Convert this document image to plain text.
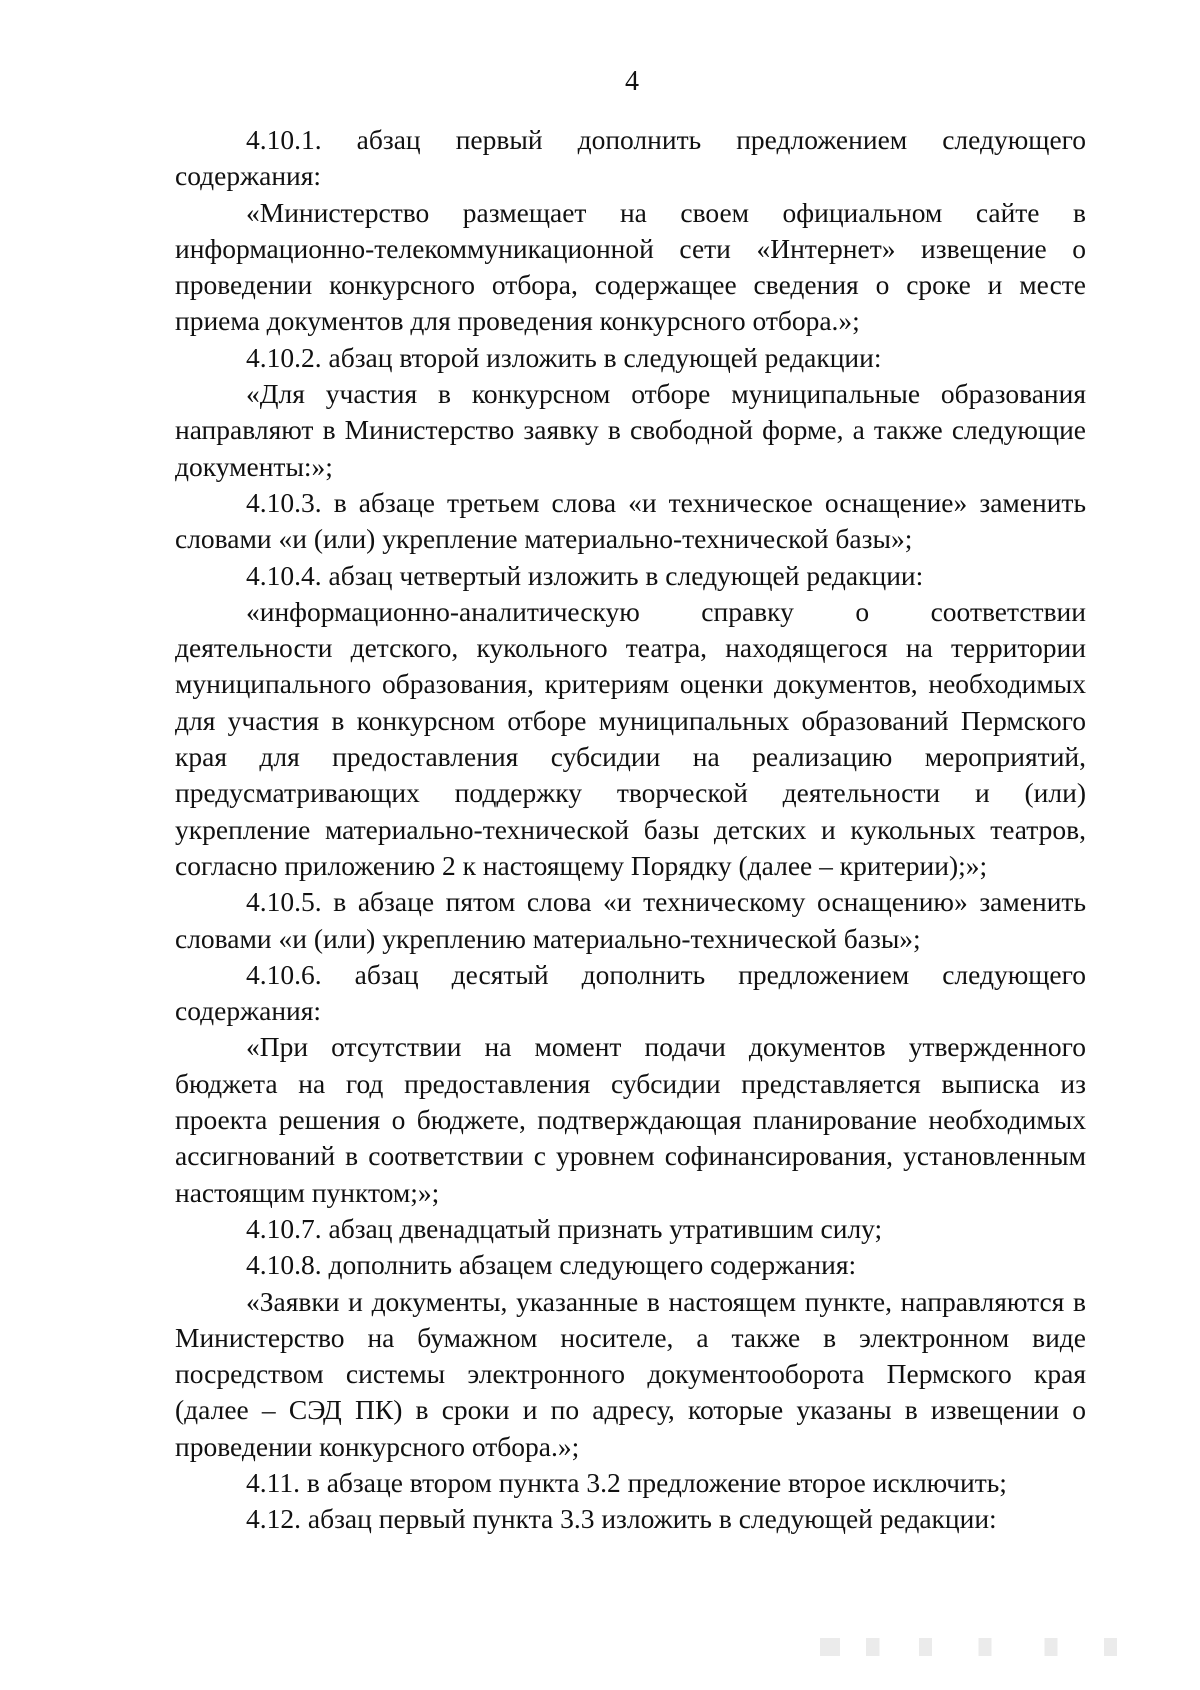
4

4.10.1. абзац первый дополнить предложением следующего содержания:

«Министерство размещает на своем официальном сайте в информационно-телекоммуникационной сети «Интернет» извещение о проведении конкурсного отбора, содержащее сведения о сроке и месте приема документов для проведения конкурсного отбора.»;

4.10.2. абзац второй изложить в следующей редакции:

«Для участия в конкурсном отборе муниципальные образования направляют в Министерство заявку в свободной форме, а также следующие документы:»;

4.10.3. в абзаце третьем слова «и техническое оснащение» заменить словами «и (или) укрепление материально-технической базы»;

4.10.4. абзац четвертый изложить в следующей редакции:

«информационно-аналитическую справку о соответствии деятельности детского, кукольного театра, находящегося на территории муниципального образования, критериям оценки документов, необходимых для участия в конкурсном отборе муниципальных образований Пермского края для предоставления субсидии на реализацию мероприятий, предусматривающих поддержку творческой деятельности и (или) укрепление материально-технической базы детских и кукольных театров, согласно приложению 2 к настоящему Порядку (далее – критерии);»;

4.10.5. в абзаце пятом слова «и техническому оснащению» заменить словами «и (или) укреплению материально-технической базы»;

4.10.6. абзац десятый дополнить предложением следующего содержания:

«При отсутствии на момент подачи документов утвержденного бюджета на год предоставления субсидии представляется выписка из проекта решения о бюджете, подтверждающая планирование необходимых ассигнований в соответствии с уровнем софинансирования, установленным настоящим пунктом;»;

4.10.7. абзац двенадцатый признать утратившим силу;

4.10.8. дополнить абзацем следующего содержания:

«Заявки и документы, указанные в настоящем пункте, направляются в Министерство на бумажном носителе, а также в электронном виде посредством системы электронного документооборота Пермского края (далее – СЭД ПК) в сроки и по адресу, которые указаны в извещении о проведении конкурсного отбора.»;

4.11. в абзаце втором пункта 3.2 предложение второе исключить;

4.12. абзац первый пункта 3.3 изложить в следующей редакции:
